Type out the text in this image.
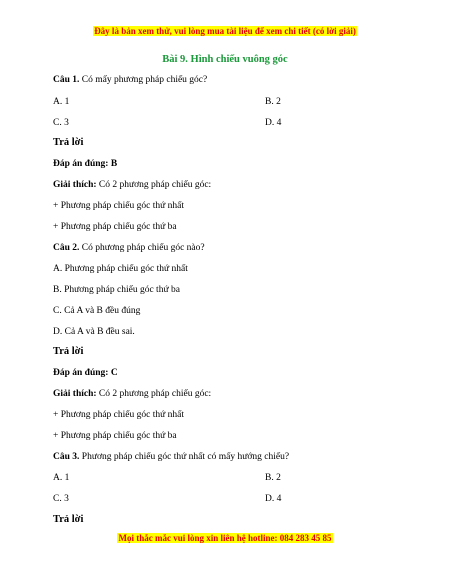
Đây là bản xem thử, vui lòng mua tài liệu để xem chi tiết (có lời giải)
Bài 9. Hình chiếu vuông góc
Câu 1. Có mấy phương pháp chiếu góc?
A. 1	B. 2
C. 3	D. 4
Trả lời
Đáp án đúng: B
Giải thích: Có 2 phương pháp chiếu góc:
+ Phương pháp chiếu góc thứ nhất
+ Phương pháp chiếu góc thứ ba
Câu 2. Có phương pháp chiếu góc nào?
A. Phương pháp chiếu góc thứ nhất
B. Phương pháp chiếu góc thứ ba
C. Cả A và B đều đúng
D. Cả A và B đều sai.
Trả lời
Đáp án đúng: C
Giải thích: Có 2 phương pháp chiếu góc:
+ Phương pháp chiếu góc thứ nhất
+ Phương pháp chiếu góc thứ ba
Câu 3. Phương pháp chiếu góc thứ nhất có mấy hướng chiếu?
A. 1	B. 2
C. 3	D. 4
Trả lời
Mọi thắc mắc vui lòng xin liên hệ hotline: 084 283 45 85
